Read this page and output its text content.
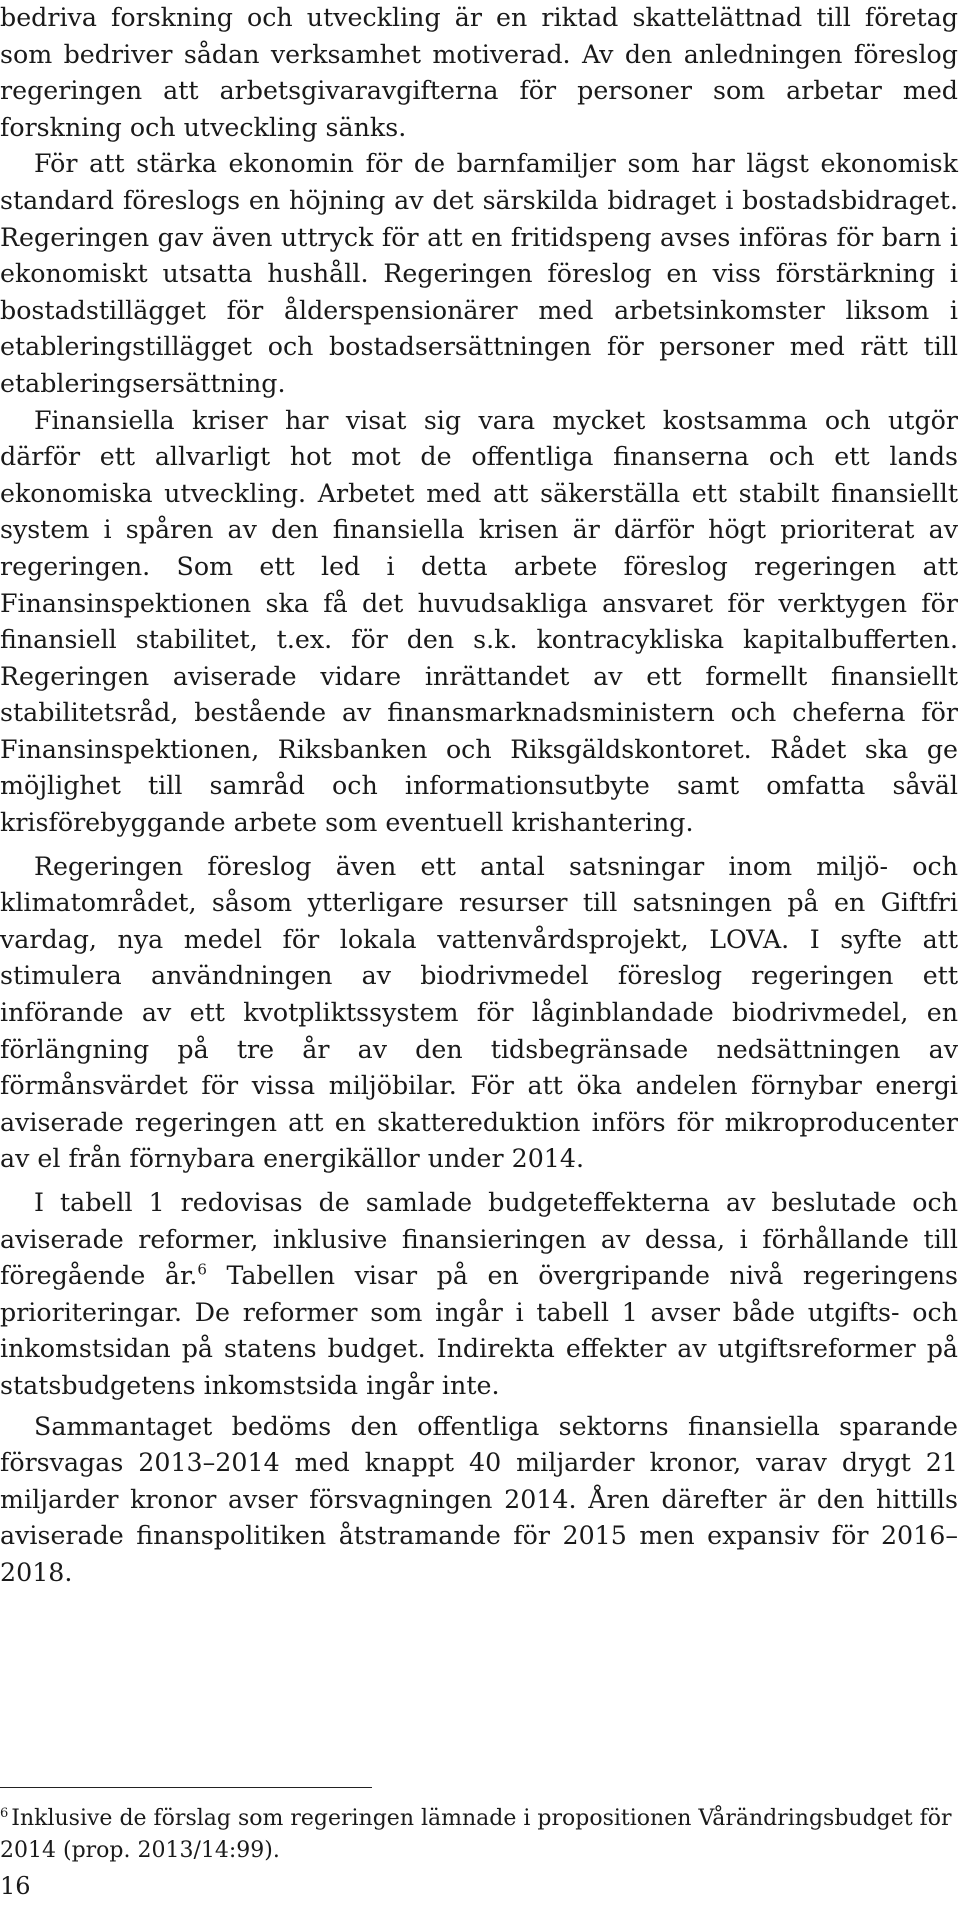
bedriva forskning och utveckling är en riktad skattelättnad till företag som bedriver sådan verksamhet motiverad. Av den anledningen föreslog regeringen att arbetsgivaravgifterna för personer som arbetar med forskning och utveckling sänks.

För att stärka ekonomin för de barnfamiljer som har lägst ekonomisk standard föreslogs en höjning av det särskilda bidraget i bostadsbidraget. Regeringen gav även uttryck för att en fritidspeng avses införas för barn i ekonomiskt utsatta hushåll. Regeringen föreslog en viss förstärkning i bostadstillägget för ålderspensionärer med arbetsinkomster liksom i etableringstillägget och bostadsersättningen för personer med rätt till etableringsersättning.

Finansiella kriser har visat sig vara mycket kostsamma och utgör därför ett allvarligt hot mot de offentliga finanserna och ett lands ekonomiska utveckling. Arbetet med att säkerställa ett stabilt finansiellt system i spåren av den finansiella krisen är därför högt prioriterat av regeringen. Som ett led i detta arbete föreslog regeringen att Finansinspektionen ska få det huvudsakliga ansvaret för verktygen för finansiell stabilitet, t.ex. för den s.k. kontracykliska kapitalbufferten. Regeringen aviserade vidare inrättandet av ett formellt finansiellt stabilitetsråd, bestående av finansmarknadsministern och cheferna för Finansinspektionen, Riksbanken och Riksgäldskontoret. Rådet ska ge möjlighet till samråd och informationsutbyte samt omfatta såväl krisförebyggande arbete som eventuell krishantering.

Regeringen föreslog även ett antal satsningar inom miljö- och klimatområdet, såsom ytterligare resurser till satsningen på en Giftfri vardag, nya medel för lokala vattenvårdsprojekt, LOVA. I syfte att stimulera användningen av biodrivmedel föreslog regeringen ett införande av ett kvotpliktssystem för låginblandade biodrivmedel, en förlängning på tre år av den tidsbegränsade nedsättningen av förmånsvärdet för vissa miljöbilar. För att öka andelen förnybar energi aviserade regeringen att en skattereduktion införs för mikroproducenter av el från förnybara energikällor under 2014.

I tabell 1 redovisas de samlade budgeteffekterna av beslutade och aviserade reformer, inklusive finansieringen av dessa, i förhållande till föregående år.$^6$ Tabellen visar på en övergripande nivå regeringens prioriteringar. De reformer som ingår i tabell 1 avser både utgifts- och inkomstsidan på statens budget. Indirekta effekter av utgiftsreformer på statsbudgetens inkomstsida ingår inte.

Sammantaget bedöms den offentliga sektorns finansiella sparande försvagas 2013–2014 med knappt 40 miljarder kronor, varav drygt 21 miljarder kronor avser försvagningen 2014. Åren därefter är den hittills aviserade finanspolitiken åtstramande för 2015 men expansiv för 2016–2018.

$^6$ Inklusive de förslag som regeringen lämnade i propositionen Vårändringsbudget för 2014 (prop. 2013/14:99).

16
